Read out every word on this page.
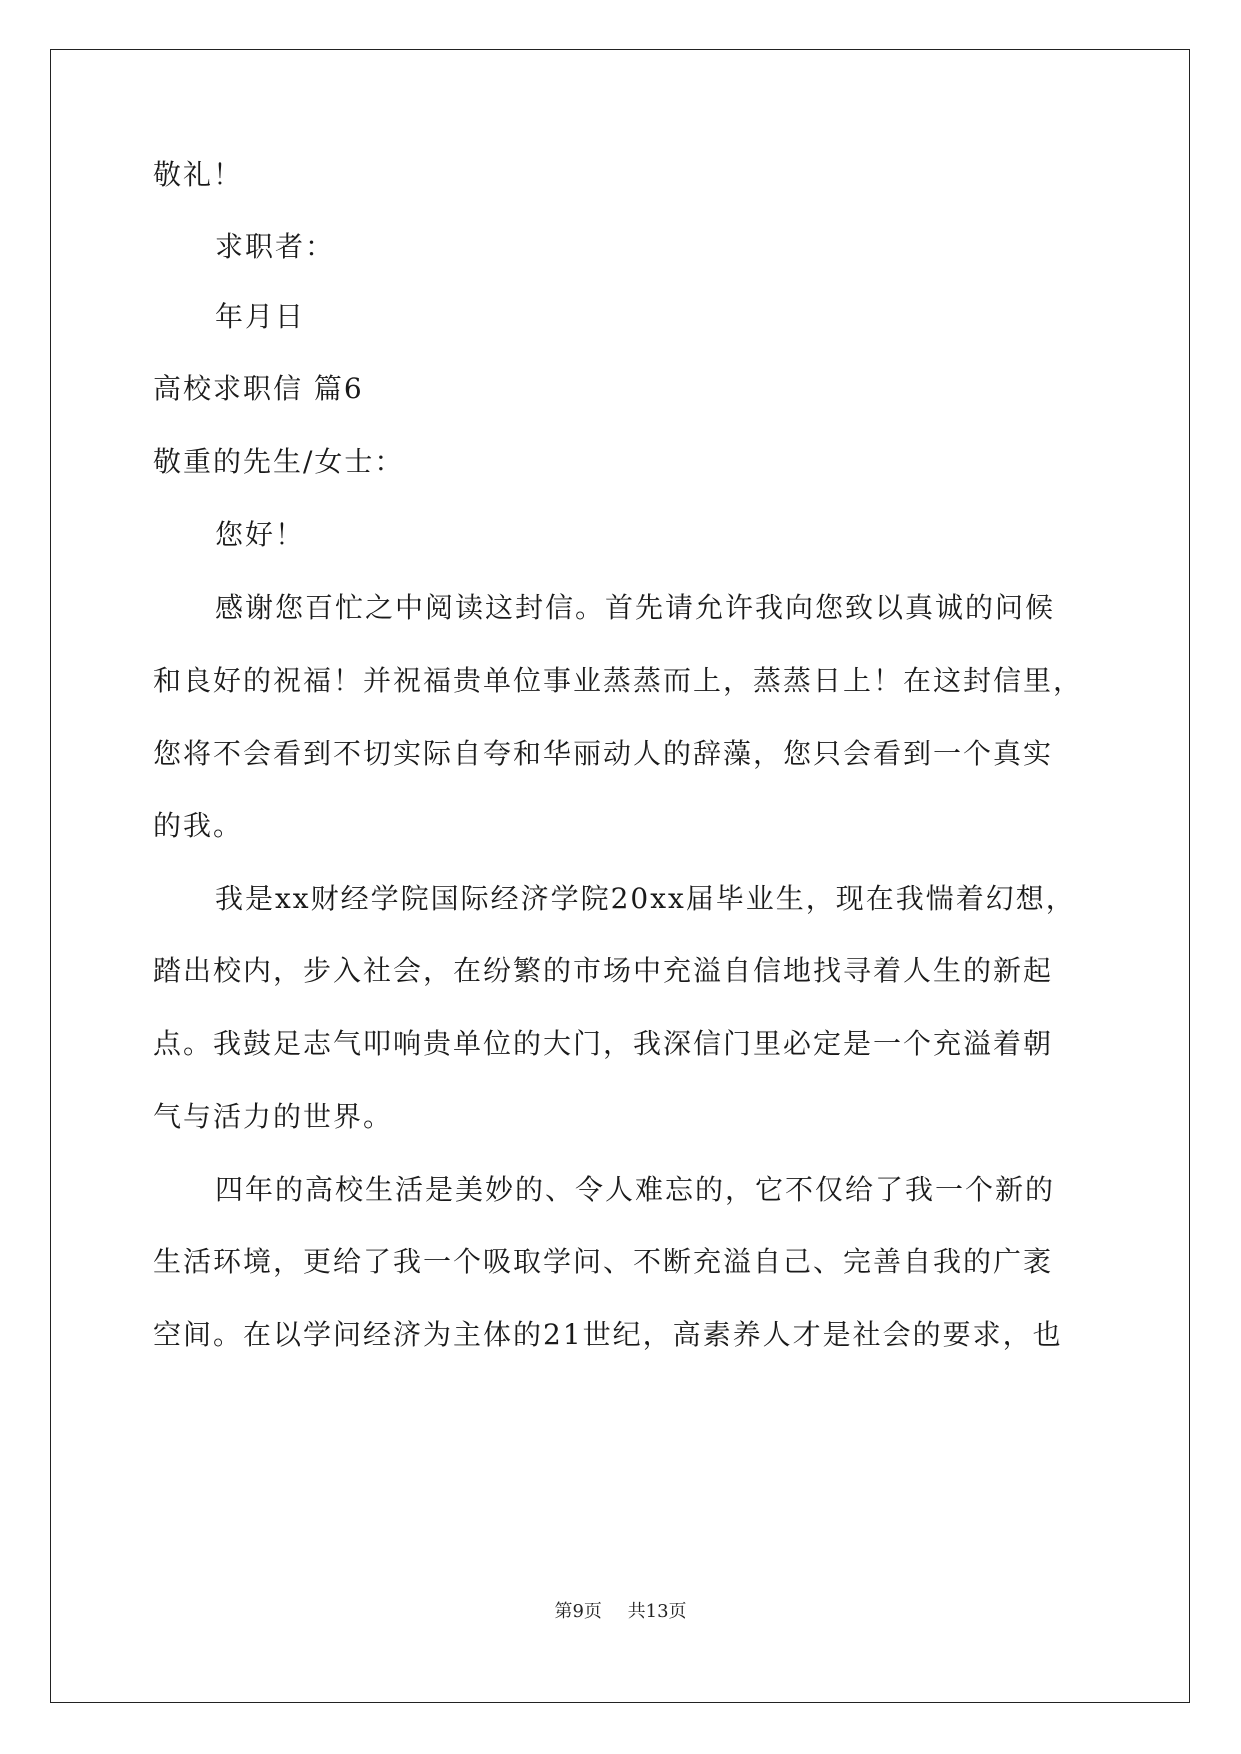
敬礼！
求职者：
年月日
高校求职信 篇6
敬重的先生/女士：
您好！
感谢您百忙之中阅读这封信。首先请允许我向您致以真诚的问候
和良好的祝福！并祝福贵单位事业蒸蒸而上，蒸蒸日上！在这封信里，
您将不会看到不切实际自夸和华丽动人的辞藻，您只会看到一个真实
的我。
我是xx财经学院国际经济学院20xx届毕业生，现在我惴着幻想，
踏出校内，步入社会，在纷繁的市场中充溢自信地找寻着人生的新起
点。我鼓足志气叩响贵单位的大门，我深信门里必定是一个充溢着朝
气与活力的世界。
四年的高校生活是美妙的、令人难忘的，它不仅给了我一个新的
生活环境，更给了我一个吸取学问、不断充溢自己、完善自我的广袤
空间。在以学问经济为主体的21世纪，高素养人才是社会的要求，也
第9页 共13页
